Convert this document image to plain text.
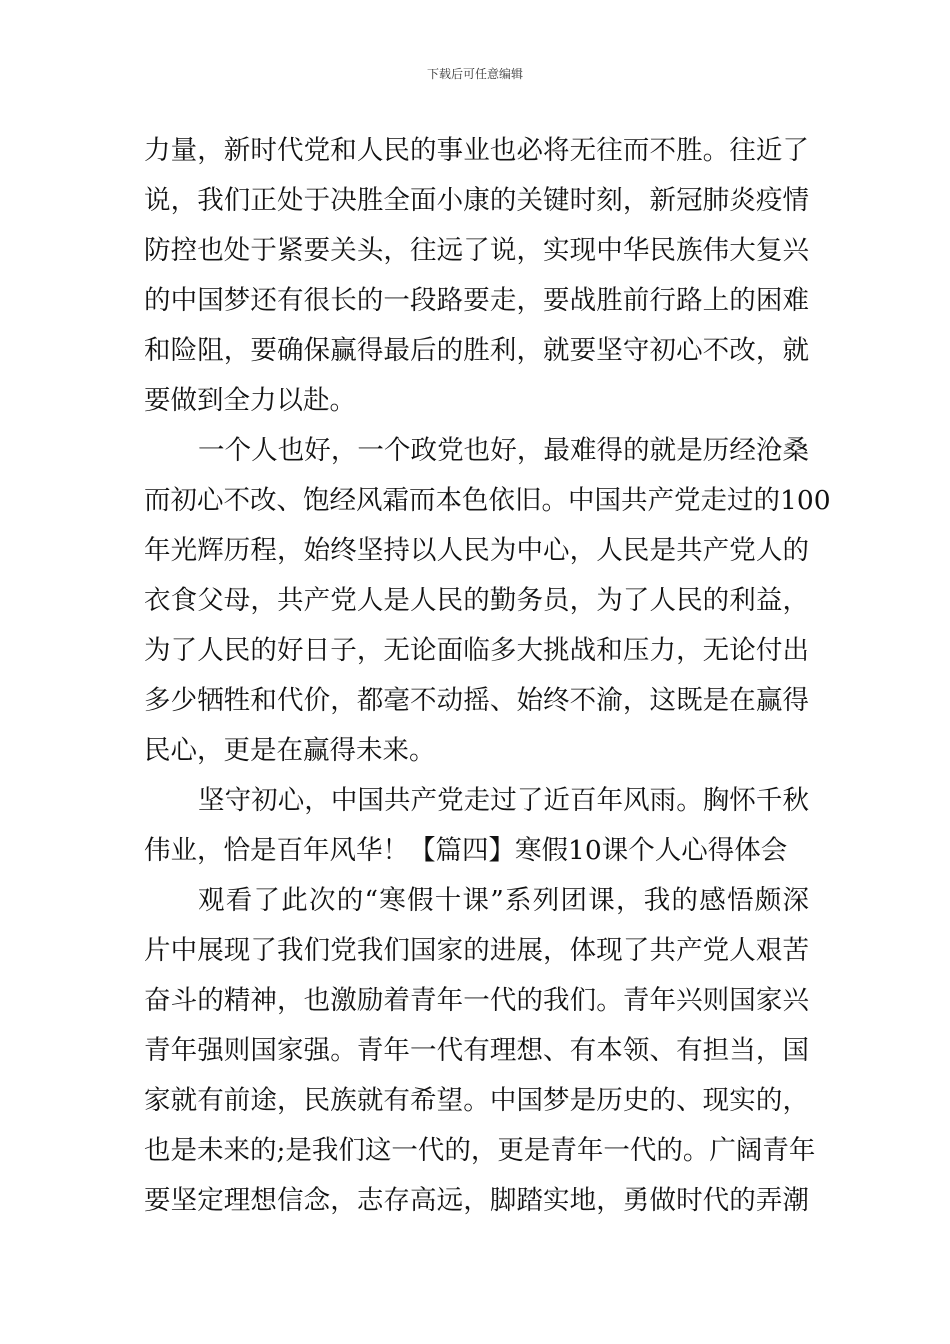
下载后可任意编辑
力量，新时代党和人民的事业也必将无往而不胜。往近了
说，我们正处于决胜全面小康的关键时刻，新冠肺炎疫情
防控也处于紧要关头，往远了说，实现中华民族伟大复兴
的中国梦还有很长的一段路要走，要战胜前行路上的困难
和险阻，要确保赢得最后的胜利，就要坚守初心不改，就
要做到全力以赴。
一个人也好，一个政党也好，最难得的就是历经沧桑
而初心不改、饱经风霜而本色依旧。中国共产党走过的100
年光辉历程，始终坚持以人民为中心，人民是共产党人的
衣食父母，共产党人是人民的勤务员，为了人民的利益，
为了人民的好日子，无论面临多大挑战和压力，无论付出
多少牺牲和代价，都毫不动摇、始终不渝，这既是在赢得
民心，更是在赢得未来。
坚守初心，中国共产党走过了近百年风雨。胸怀千秋
伟业，恰是百年风华！【篇四】寒假10课个人心得体会
观看了此次的“寒假十课”系列团课，我的感悟颇深
片中展现了我们党我们国家的进展，体现了共产党人艰苦
奋斗的精神，也激励着青年一代的我们。青年兴则国家兴
青年强则国家强。青年一代有理想、有本领、有担当，国
家就有前途，民族就有希望。中国梦是历史的、现实的，
也是未来的;是我们这一代的，更是青年一代的。广阔青年
要坚定理想信念，志存高远，脚踏实地，勇做时代的弄潮
